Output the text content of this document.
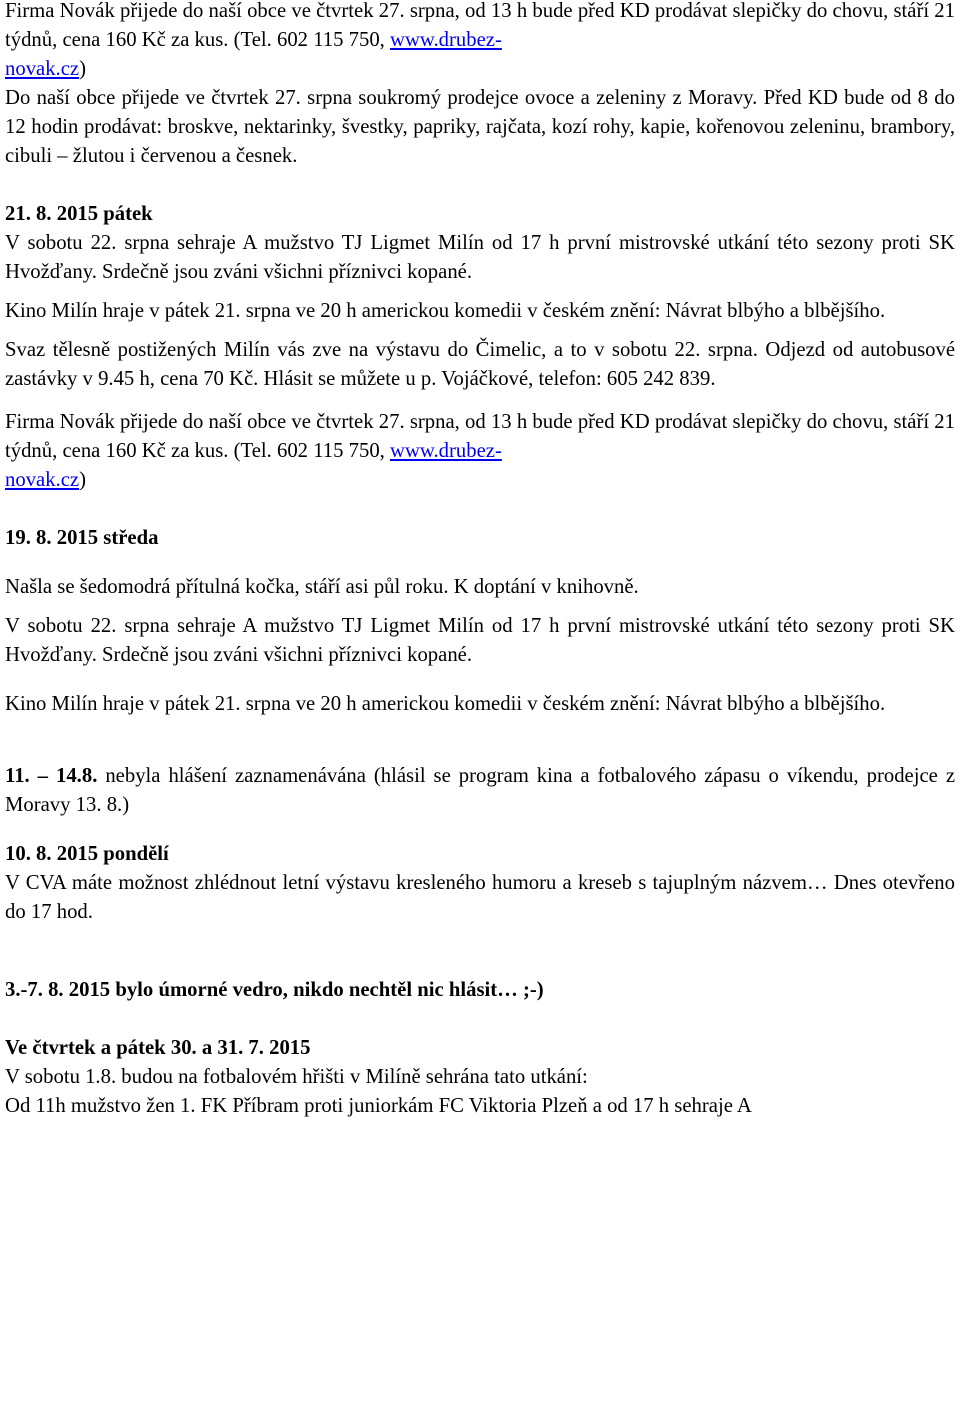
Firma Novák přijede do naší obce ve čtvrtek 27. srpna, od 13 h bude před KD prodávat slepičky do chovu, stáří 21 týdnů, cena 160 Kč za kus. (Tel. 602 115 750, www.drubez-
novak.cz)

Do naší obce přijede ve čtvrtek 27. srpna soukromý prodejce ovoce a zeleniny z Moravy. Před KD bude od 8 do 12 hodin prodávat: broskve, nektarinky, švestky, papriky, rajčata, kozí rohy, kapie, kořenovou zeleninu, brambory, cibuli – žlutou i červenou a česnek.

21. 8. 2015 pátek

V sobotu 22. srpna sehraje A mužstvo TJ Ligmet Milín od 17 h první mistrovské utkání této sezony proti SK Hvožďany. Srdečně jsou zváni všichni příznivci kopané.

Kino Milín hraje v pátek 21. srpna ve 20 h americkou komedii v českém znění: Návrat blbýho a blbějšího.

Svaz tělesně postižených Milín vás zve na výstavu do Čimelic, a to v sobotu 22. srpna. Odjezd od autobusové zastávky v 9.45 h, cena 70 Kč. Hlásit se můžete u p. Vojáčkové, telefon: 605 242 839.

Firma Novák přijede do naší obce ve čtvrtek 27. srpna, od 13 h bude před KD prodávat slepičky do chovu, stáří 21 týdnů, cena 160 Kč za kus. (Tel. 602 115 750, www.drubez-
novak.cz)

19. 8. 2015 středa

Našla se šedomodrá přítulná kočka, stáří asi půl roku. K doptání v knihovně.

V sobotu 22. srpna sehraje A mužstvo TJ Ligmet Milín od 17 h první mistrovské utkání této sezony proti SK Hvožďany. Srdečně jsou zváni všichni příznivci kopané.

Kino Milín hraje v pátek 21. srpna ve 20 h americkou komedii v českém znění: Návrat blbýho a blbějšího.

11. – 14.8. nebyla hlášení zaznamenávána (hlásil se program kina a fotbalového zápasu o víkendu, prodejce z Moravy 13. 8.)

10. 8. 2015 pondělí

V CVA máte možnost zhlédnout letní výstavu kresleného humoru a kreseb s tajuplným názvem… Dnes otevřeno do 17 hod.

3.-7. 8. 2015 bylo úmorné vedro, nikdo nechtěl nic hlásit… ;-)

Ve čtvrtek a pátek 30. a 31. 7. 2015

V sobotu 1.8. budou na fotbalovém hřišti v Milíně sehrána tato utkání:

Od 11h mužstvo žen 1. FK Příbram proti juniorkám FC Viktoria Plzeň a od 17 h sehraje A
